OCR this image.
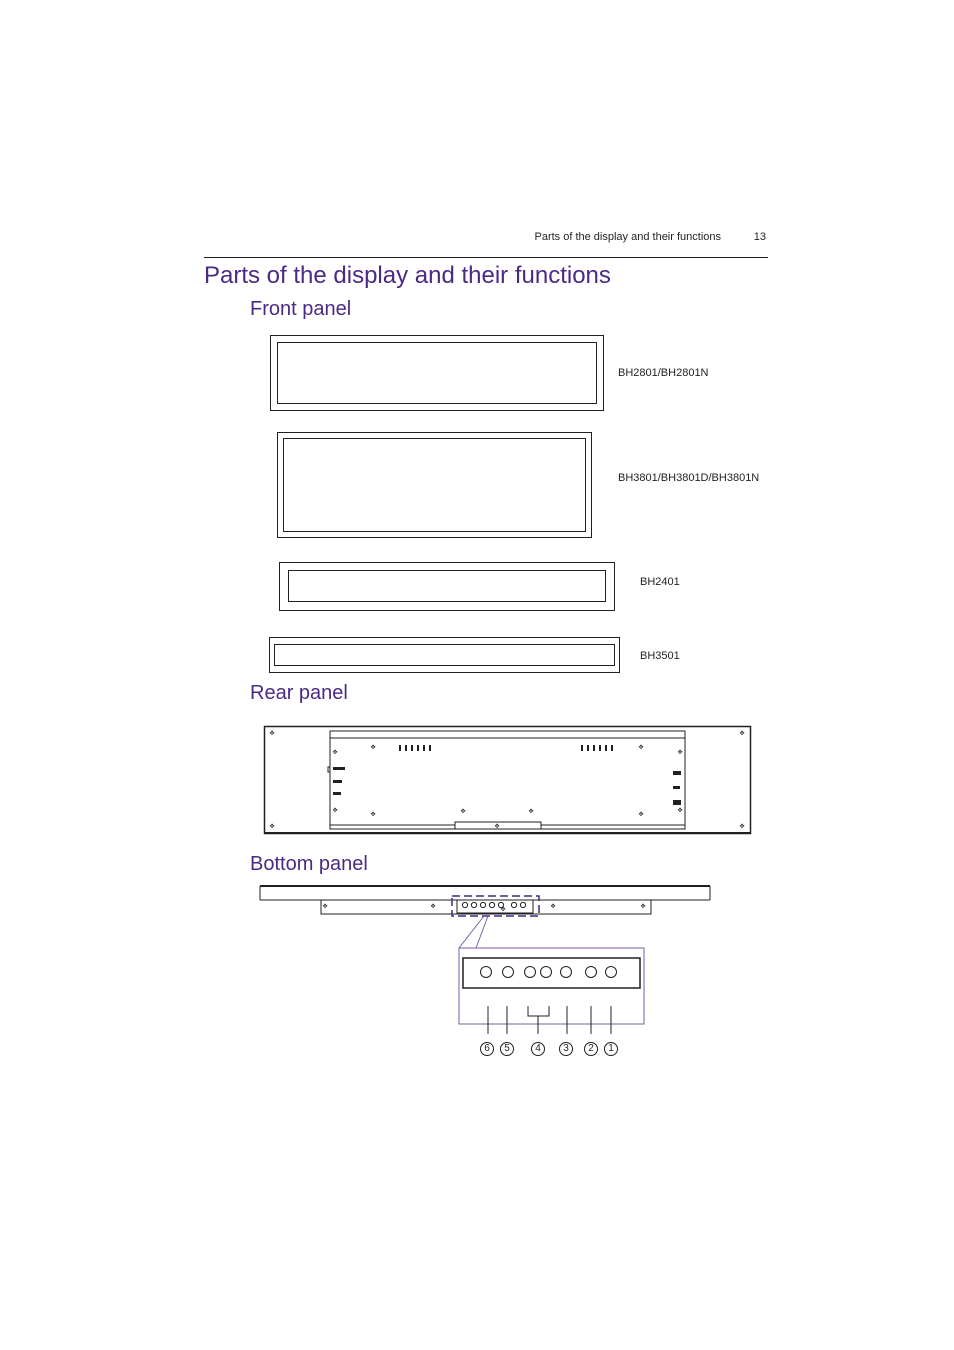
Parts of the display and their functions	13
Parts of the display and their functions
Front panel
BH2801/BH2801N
BH3801/BH3801D/BH3801N
BH2401
BH3501
Rear panel
✥	✥
✥	✥
✥	✥
✥	✥
✥	✥
✥	✥
✥	✥
✥
Bottom panel
✥	✥	✥	✥	✥
6	5	4	3	2	1
